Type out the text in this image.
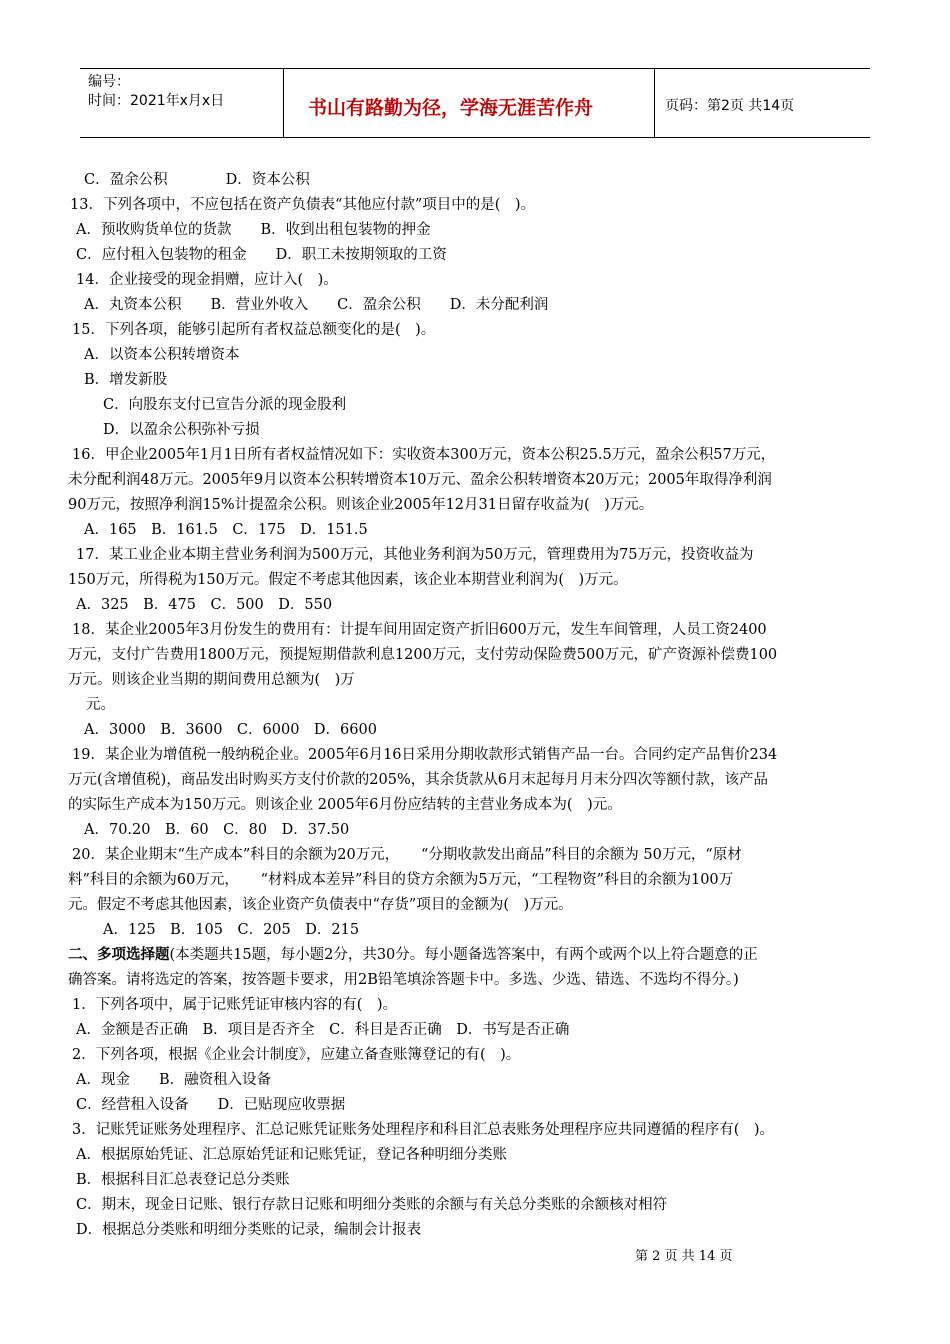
编号：
时间：2021年x月x日	书山有路勤为径，学海无涯苦作舟	页码：第2页 共14页
C．盈余公积　　　　D．资本公积
13．下列各项中，不应包括在资产负债表“其他应付款”项目中的是(　)。
A．预收购货单位的货款　　B．收到出租包装物的押金
C．应付租入包装物的租金　　D．职工未按期领取的工资
14．企业接受的现金捐赠，应计入(　)。
A．丸资本公积　　B．营业外收入　　C．盈余公积　　D．未分配利润
15．下列各项，能够引起所有者权益总额变化的是(　)。
A．以资本公积转增资本
B．增发新股
C．向股东支付已宣告分派的现金股利
D．以盈余公积弥补亏损
16．甲企业2005年1月1日所有者权益情况如下：实收资本300万元，资本公积25.5万元，盈余公积57万元，
未分配利润48万元。2005年9月以资本公积转增资本10万元、盈余公积转增资本20万元；2005年取得净利润
90万元，按照净利润15%计提盈余公积。则该企业2005年12月31日留存收益为(　)万元。
A．165　B．161.5　C．175　D．151.5
17．某工业企业本期主营业务利润为500万元，其他业务利润为50万元，管理费用为75万元，投资收益为
150万元，所得税为150万元。假定不考虑其他因素，该企业本期营业利润为(　)万元。
A．325　B．475　C．500　D．550
18．某企业2005年3月份发生的费用有：计提车间用固定资产折旧600万元，发生车间管理，人员工资2400
万元，支付广告费用1800万元，预提短期借款利息1200万元，支付劳动保险费500万元，矿产资源补偿费100
万元。则该企业当期的期间费用总额为(　)万
元。
A．3000　B．3600　C．6000　D．6600
19．某企业为增值税一般纳税企业。2005年6月16日采用分期收款形式销售产品一台。合同约定产品售价234
万元(含增值税)，商品发出时购买方支付价款的205%，其余货款从6月末起每月月末分四次等额付款，该产品
的实际生产成本为150万元。则该企业 2005年6月份应结转的主营业务成本为(　)元。
A．70.20　B．60　C．80　D．37.50
20．某企业期末“生产成本”科目的余额为20万元，　　“分期收款发出商品”科目的余额为 50万元，“原材
料”科目的余额为60万元，　　“材料成本差异”科目的贷方余额为5万元，“工程物资”科目的余额为100万
元。假定不考虑其他因素，该企业资产负债表中“存货”项目的金额为(　)万元。
A．125　B．105　C．205　D．215
二、多项选择题(本类题共15题，每小题2分，共30分。每小题备选答案中，有两个或两个以上符合题意的正
确答案。请将选定的答案，按答题卡要求，用2B铅笔填涂答题卡中。多选、少选、错选、不选均不得分。)
1．下列各项中，属于记账凭证审核内容的有(　)。
A．金额是否正确　B．项目是否齐全　C．科目是否正确　D．书写是否正确
2．下列各项，根据《企业会计制度》，应建立备查账簿登记的有(　)。
A．现金　　B．融资租入设备
C．经营租入设备　　D．已贴现应收票据
3．记账凭证账务处理程序、汇总记账凭证账务处理程序和科目汇总表账务处理程序应共同遵循的程序有(　)。
A．根据原始凭证、汇总原始凭证和记账凭证，登记各种明细分类账
B．根据科目汇总表登记总分类账
C．期末，现金日记账、银行存款日记账和明细分类账的余额与有关总分类账的余额核对相符
D．根据总分类账和明细分类账的记录，编制会计报表
第 2 页 共 14 页
